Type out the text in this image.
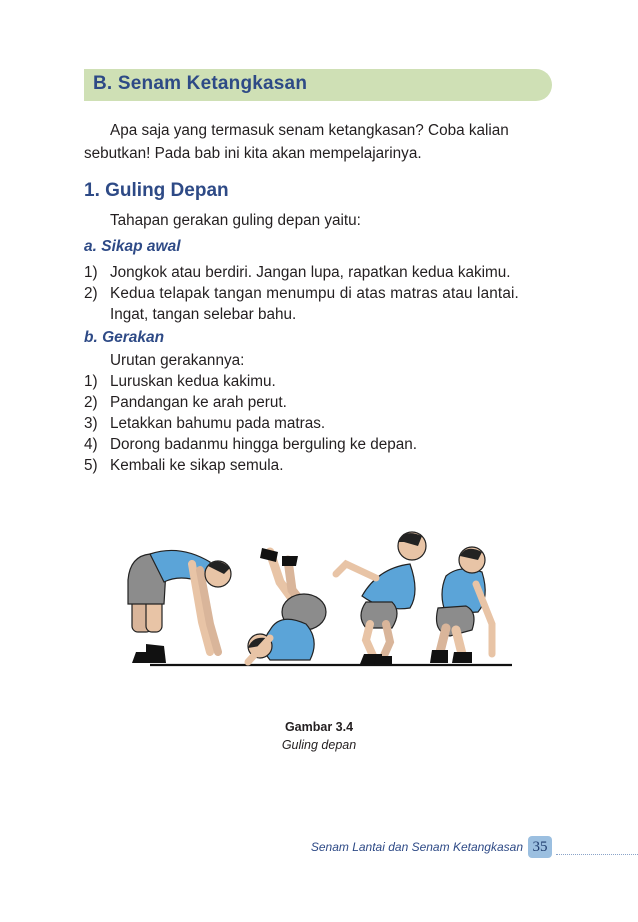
B. Senam Ketangkasan
Apa saja yang termasuk senam ketangkasan? Coba kalian
sebutkan! Pada bab ini kita akan mempelajarinya.
1. Guling Depan
Tahapan gerakan guling depan yaitu:
a. Sikap awal
1) Jongkok atau berdiri. Jangan lupa, rapatkan kedua kakimu.
2) Kedua telapak tangan menumpu di atas matras atau lantai.
Ingat, tangan selebar bahu.
b. Gerakan
Urutan gerakannya:
1) Luruskan kedua kakimu.
2) Pandangan ke arah perut.
3) Letakkan bahumu pada matras.
4) Dorong badanmu hingga berguling ke depan.
5) Kembali ke sikap semula.
Gambar 3.4
Guling depan
Senam Lantai dan Senam Ketangkasan 35
